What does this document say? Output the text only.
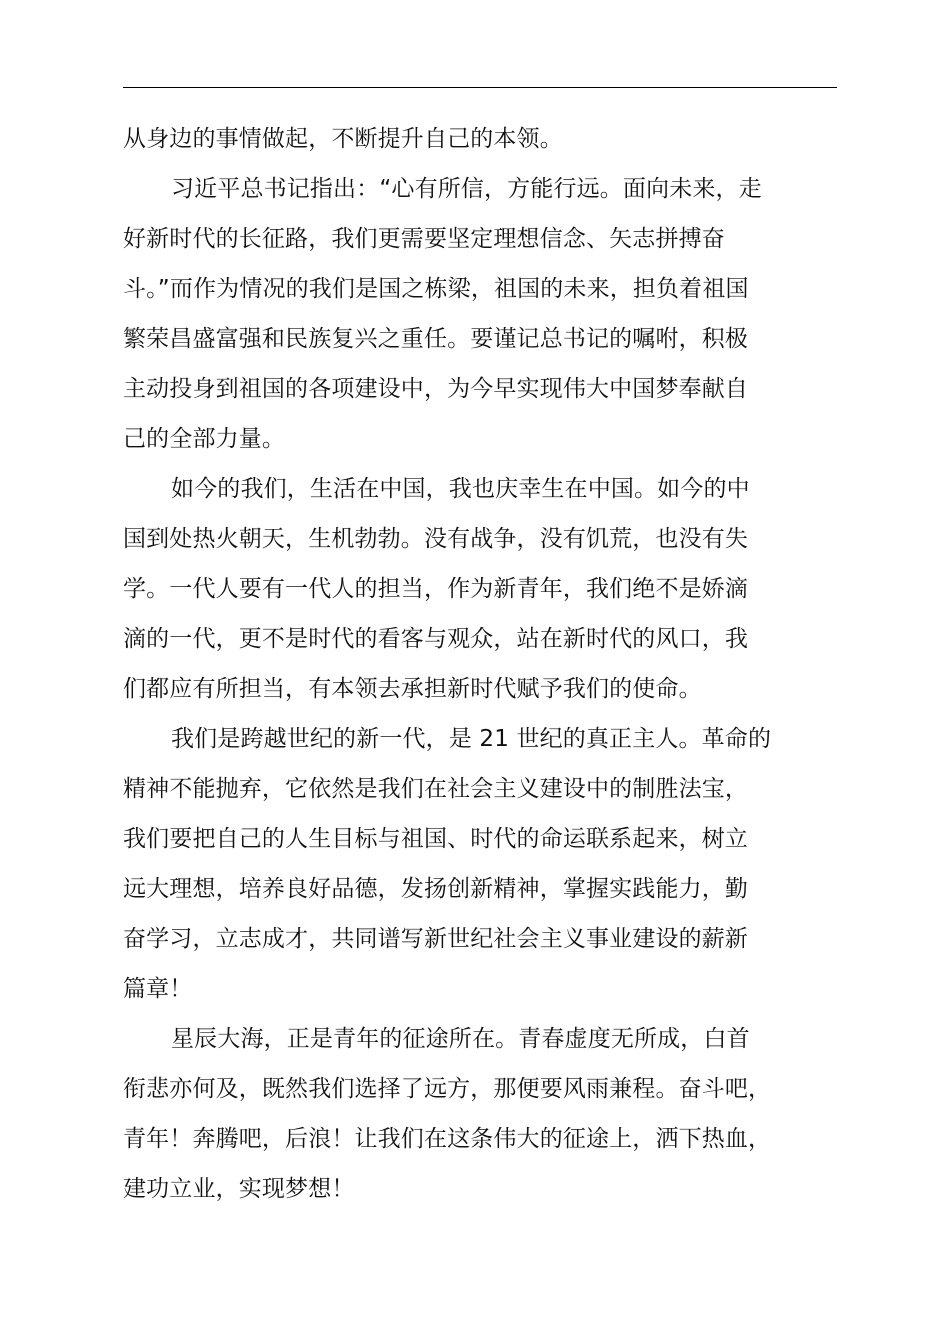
从身边的事情做起，不断提升自己的本领。
习近平总书记指出：“心有所信，方能行远。面向未来，走
好新时代的长征路，我们更需要坚定理想信念、矢志拼搏奋
斗。”而作为情况的我们是国之栋梁，祖国的未来，担负着祖国
繁荣昌盛富强和民族复兴之重任。要谨记总书记的嘱咐，积极
主动投身到祖国的各项建设中，为今早实现伟大中国梦奉献自
己的全部力量。
如今的我们，生活在中国，我也庆幸生在中国。如今的中
国到处热火朝天，生机勃勃。没有战争，没有饥荒，也没有失
学。一代人要有一代人的担当，作为新青年，我们绝不是娇滴
滴的一代，更不是时代的看客与观众，站在新时代的风口，我
们都应有所担当，有本领去承担新时代赋予我们的使命。
我们是跨越世纪的新一代，是 21 世纪的真正主人。革命的
精神不能抛弃，它依然是我们在社会主义建设中的制胜法宝，
我们要把自己的人生目标与祖国、时代的命运联系起来，树立
远大理想，培养良好品德，发扬创新精神，掌握实践能力，勤
奋学习，立志成才，共同谱写新世纪社会主义事业建设的薪新
篇章！
星辰大海，正是青年的征途所在。青春虚度无所成，白首
衔悲亦何及，既然我们选择了远方，那便要风雨兼程。奋斗吧，
青年！奔腾吧，后浪！让我们在这条伟大的征途上，洒下热血，
建功立业，实现梦想！
